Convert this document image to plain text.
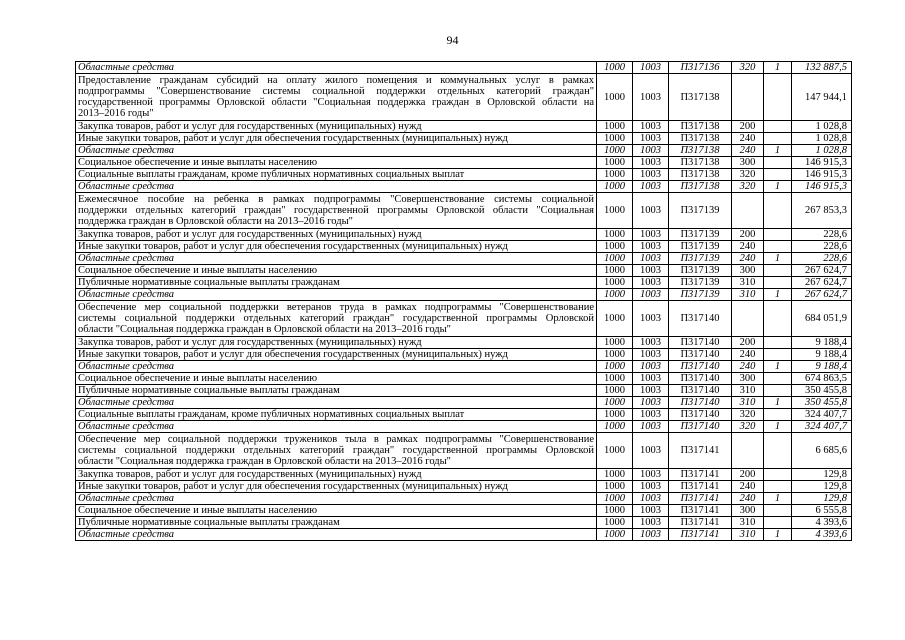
94
Областные средства	1000	1003	П317136	320	1	132 887,5

Предоставление гражданам субсидий на оплату жилого помещения и коммунальных услуг в рамках
подпрограммы "Совершенствование системы социальной поддержки отдельных категорий граждан"
государственной программы Орловской области "Социальная поддержка граждан в Орловской области на
2013–2016 годы"	1000	1003	П317138			147 944,1
Закупка товаров, работ и услуг для государственных (муниципальных) нужд	1000	1003	П317138	200		1 028,8
Иные закупки товаров, работ и услуг для обеспечения государственных (муниципальных) нужд	1000	1003	П317138	240		1 028,8
Областные средства	1000	1003	П317138	240	1	1 028,8
Социальное обеспечение и иные выплаты населению	1000	1003	П317138	300		146 915,3
Социальные выплаты гражданам, кроме публичных нормативных социальных выплат	1000	1003	П317138	320		146 915,3
Областные средства	1000	1003	П317138	320	1	146 915,3

Ежемесячное пособие на ребенка в рамках подпрограммы "Совершенствование системы социальной
поддержки отдельных категорий граждан" государственной программы Орловской области "Социальная
поддержка граждан в Орловской области на 2013–2016 годы"	1000	1003	П317139			267 853,3
Закупка товаров, работ и услуг для государственных (муниципальных) нужд	1000	1003	П317139	200		228,6
Иные закупки товаров, работ и услуг для обеспечения государственных (муниципальных) нужд	1000	1003	П317139	240		228,6
Областные средства	1000	1003	П317139	240	1	228,6
Социальное обеспечение и иные выплаты населению	1000	1003	П317139	300		267 624,7
Публичные нормативные социальные выплаты гражданам	1000	1003	П317139	310		267 624,7
Областные средства	1000	1003	П317139	310	1	267 624,7

Обеспечение мер социальной поддержки ветеранов труда в рамках подпрограммы "Совершенствование
системы социальной поддержки отдельных категорий граждан" государственной программы Орловской
области "Социальная поддержка граждан в Орловской области на 2013–2016 годы"	1000	1003	П317140			684 051,9
Закупка товаров, работ и услуг для государственных (муниципальных) нужд	1000	1003	П317140	200		9 188,4
Иные закупки товаров, работ и услуг для обеспечения государственных (муниципальных) нужд	1000	1003	П317140	240		9 188,4
Областные средства	1000	1003	П317140	240	1	9 188,4
Социальное обеспечение и иные выплаты населению	1000	1003	П317140	300		674 863,5
Публичные нормативные социальные выплаты гражданам	1000	1003	П317140	310		350 455,8
Областные средства	1000	1003	П317140	310	1	350 455,8
Социальные выплаты гражданам, кроме публичных нормативных социальных выплат	1000	1003	П317140	320		324 407,7
Областные средства	1000	1003	П317140	320	1	324 407,7

Обеспечение мер социальной поддержки тружеников тыла в рамках подпрограммы "Совершенствование
системы социальной поддержки отдельных категорий граждан" государственной программы Орловской
области "Социальная поддержка граждан в Орловской области на 2013–2016 годы"	1000	1003	П317141			6 685,6
Закупка товаров, работ и услуг для государственных (муниципальных) нужд	1000	1003	П317141	200		129,8
Иные закупки товаров, работ и услуг для обеспечения государственных (муниципальных) нужд	1000	1003	П317141	240		129,8
Областные средства	1000	1003	П317141	240	1	129,8
Социальное обеспечение и иные выплаты населению	1000	1003	П317141	300		6 555,8
Публичные нормативные социальные выплаты гражданам	1000	1003	П317141	310		4 393,6
Областные средства	1000	1003	П317141	310	1	4 393,6
